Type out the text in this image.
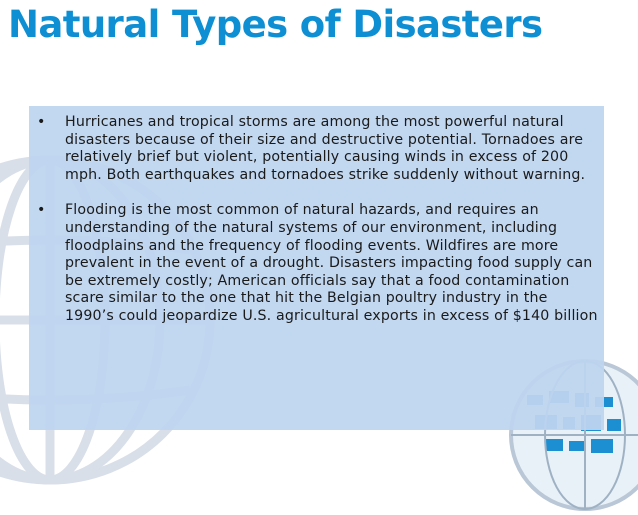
Natural Types of Disasters
• Hurricanes and tropical storms are among the most powerful natural disasters because of their size and destructive potential. Tornadoes are relatively brief but violent, potentially causing winds in excess of 200 mph. Both earthquakes and tornadoes strike suddenly without warning.
• Flooding is the most common of natural hazards, and requires an understanding of the natural systems of our environment, including floodplains and the frequency of flooding events. Wildfires are more prevalent in the event of a drought. Disasters impacting food supply can be extremely costly; American officials say that a food contamination scare similar to the one that hit the Belgian poultry industry in the 1990’s could jeopardize U.S. agricultural exports in excess of $140 billion
